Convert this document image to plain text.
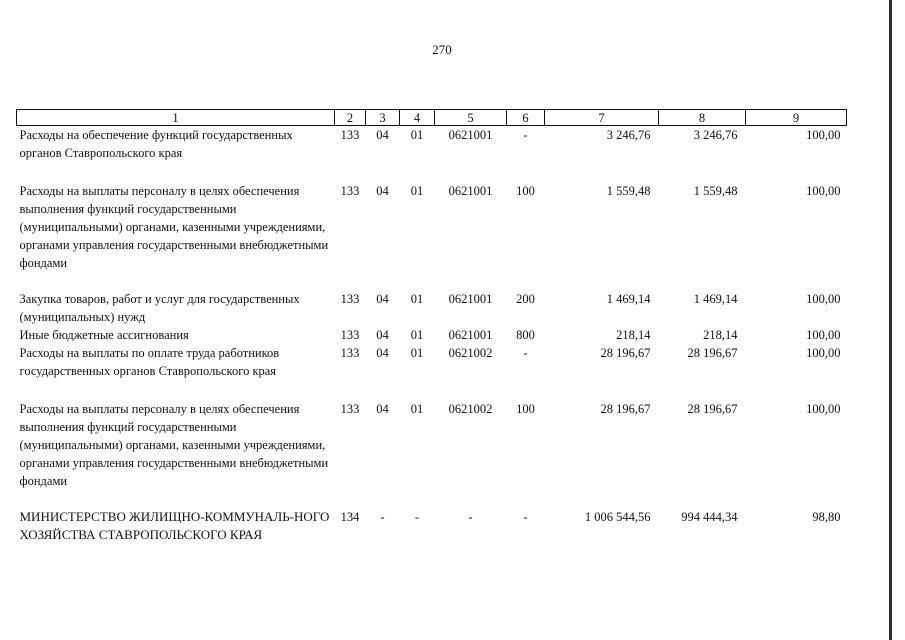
270
1	2	3	4	5	6	7	8	9
Расходы на обеспечение функций государственных органов Ставропольского края	133	04	01	0621001	-	3 246,76	3 246,76	100,00
Расходы на выплаты персоналу в целях обеспечения выполнения функций государственными (муниципальными) органами, казенными учреждениями, органами управления государственными внебюджетными фондами	133	04	01	0621001	100	1 559,48	1 559,48	100,00
Закупка товаров, работ и услуг для государственных (муниципальных) нужд	133	04	01	0621001	200	1 469,14	1 469,14	100,00
Иные бюджетные ассигнования	133	04	01	0621001	800	218,14	218,14	100,00
Расходы на выплаты по оплате труда работников государственных органов Ставропольского края	133	04	01	0621002	-	28 196,67	28 196,67	100,00
Расходы на выплаты персоналу в целях обеспечения выполнения функций государственными (муниципальными) органами, казенными учреждениями, органами управления государственными внебюджетными фондами	133	04	01	0621002	100	28 196,67	28 196,67	100,00
МИНИСТЕРСТВО ЖИЛИЩНО-КОММУНАЛЬ-НОГО ХОЗЯЙСТВА СТАВРОПОЛЬСКОГО КРАЯ	134	-	-	-	-	1 006 544,56	994 444,34	98,80
